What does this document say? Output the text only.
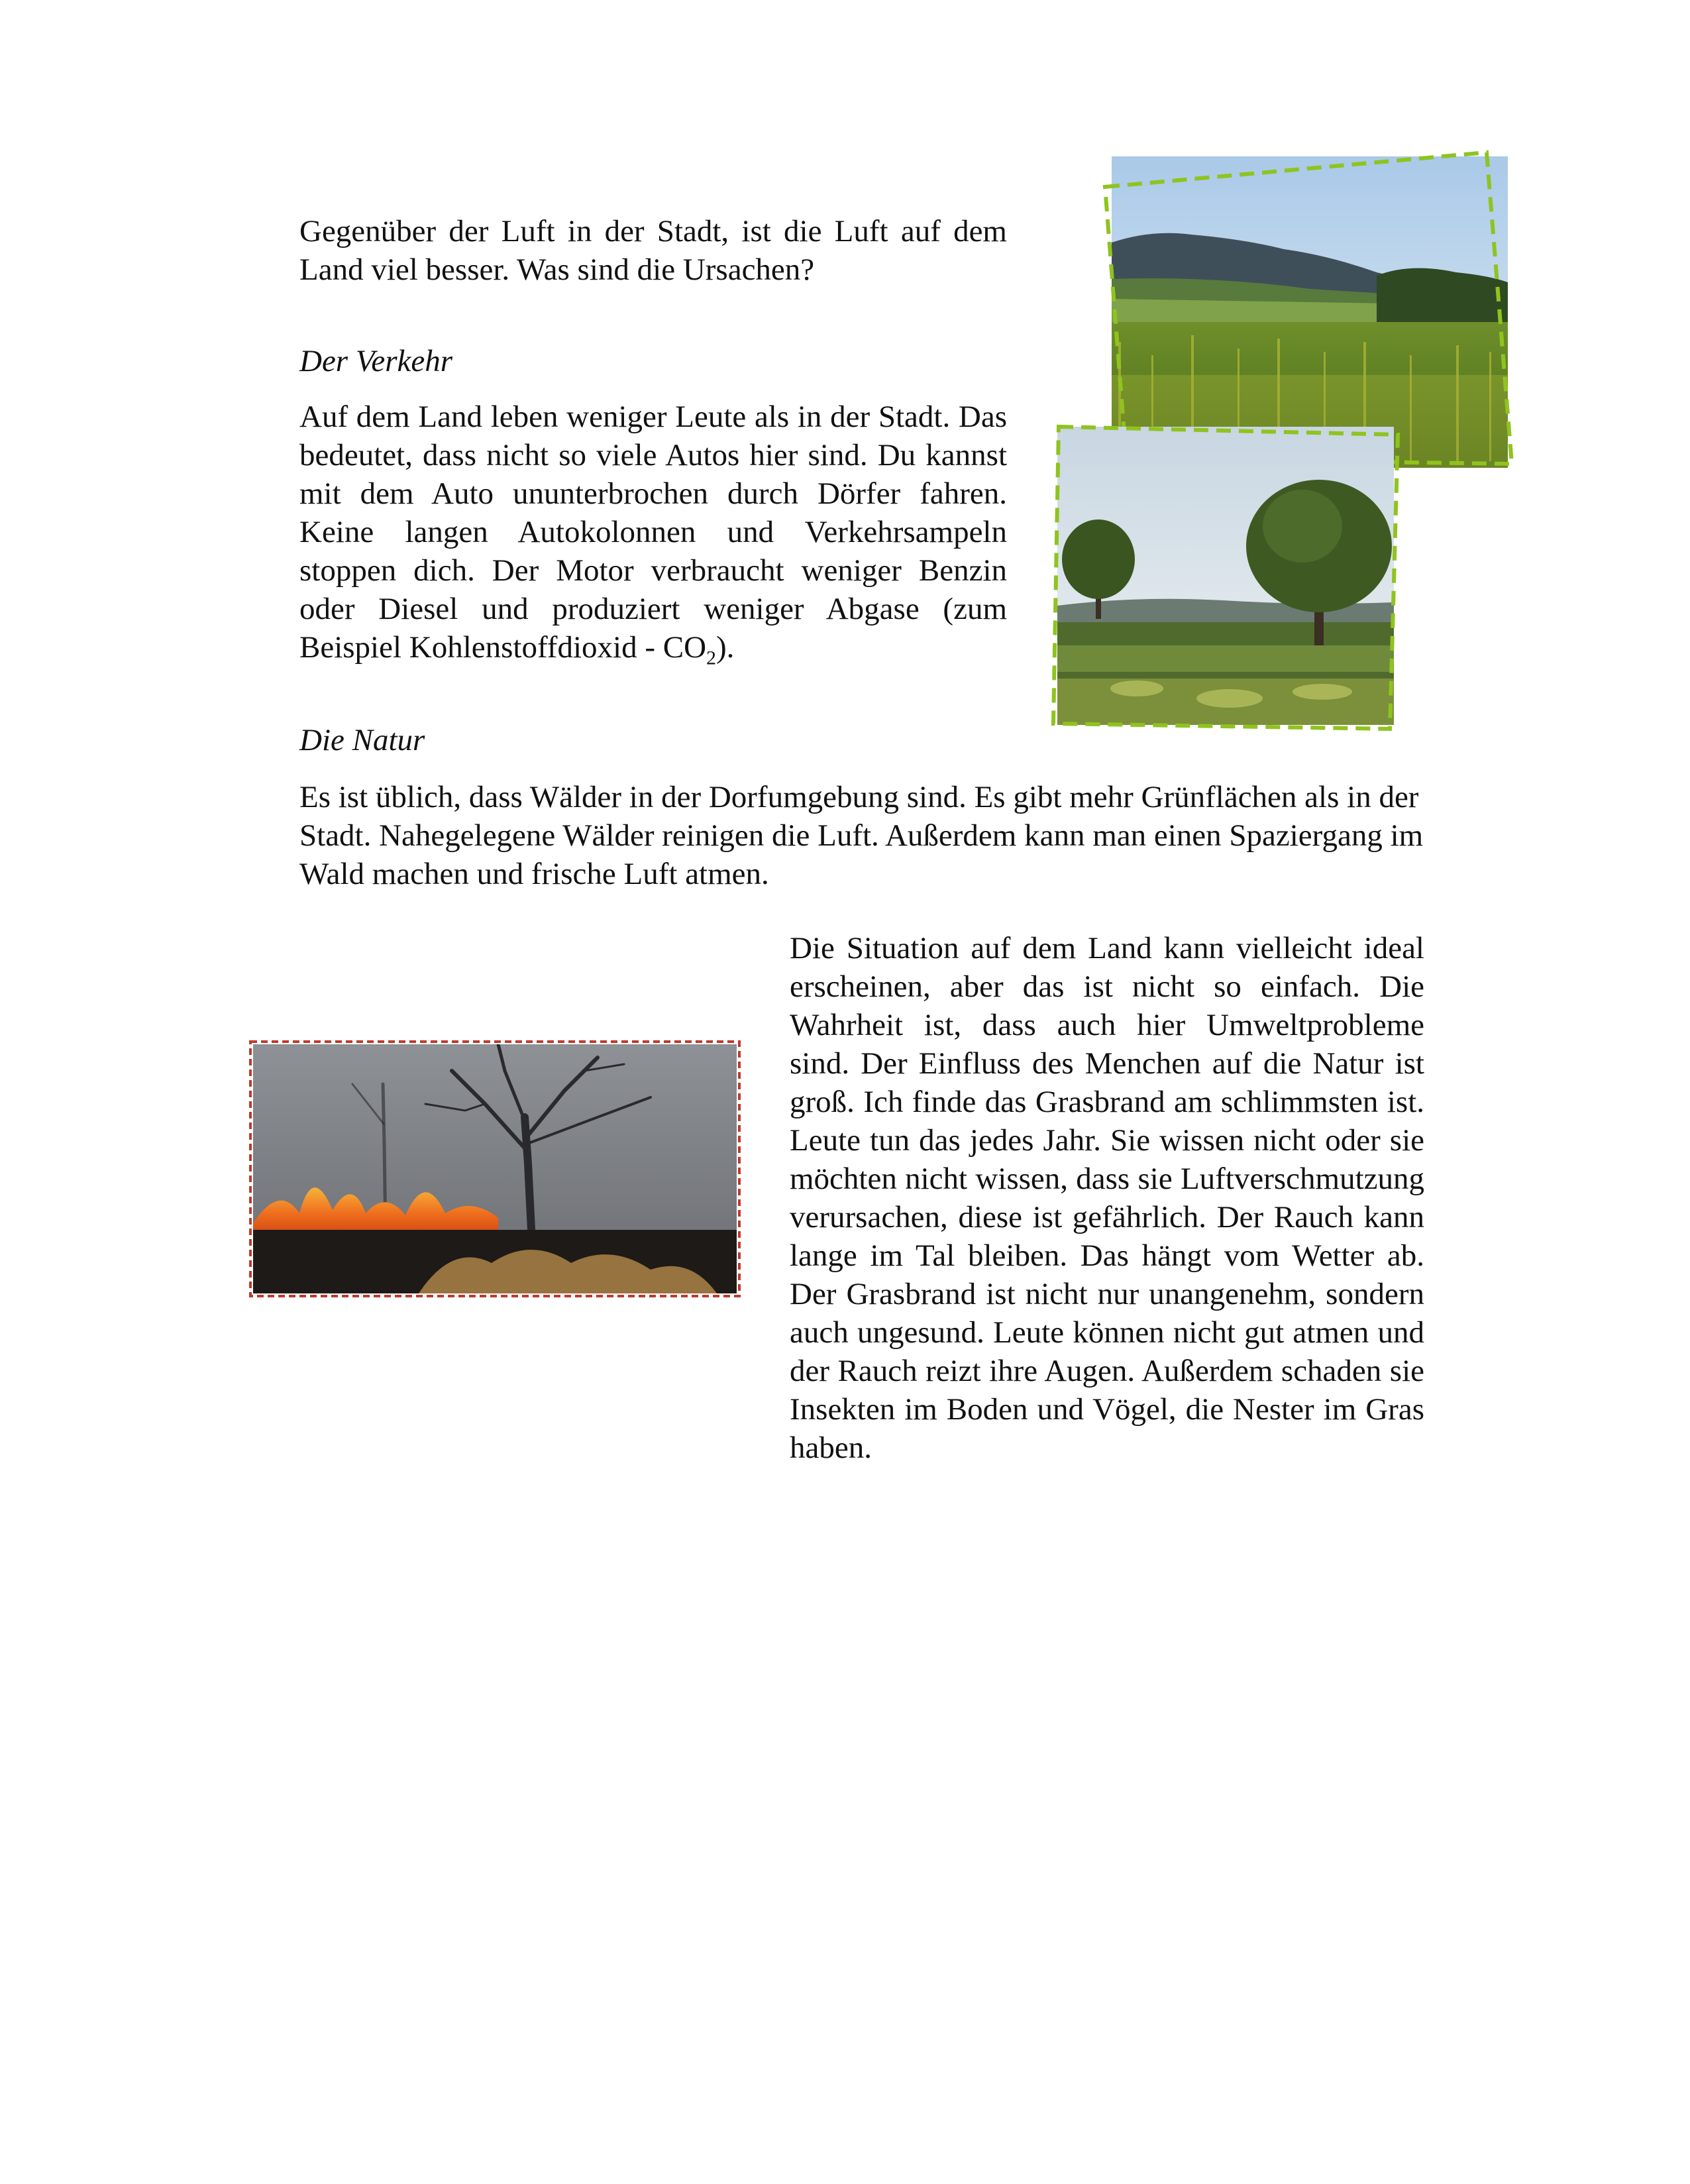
Gegenüber der Luft in der Stadt, ist die Luft auf dem Land viel besser. Was sind die Ursachen?

Der Verkehr

Auf dem Land leben weniger Leute als in der Stadt. Das bedeutet, dass nicht so viele Autos hier sind. Du kannst mit dem Auto ununterbrochen durch Dörfer fahren. Keine langen Autokolonnen und Verkehrsampeln stoppen dich. Der Motor verbraucht weniger Benzin oder Diesel und produziert weniger Abgase (zum Beispiel Kohlenstoffdioxid - $CO_2$).

Die Natur

Es ist üblich, dass Wälder in der Dorfumgebung sind. Es gibt mehr Grünflächen als in der Stadt. Nahegelegene Wälder reinigen die Luft. Außerdem kann man einen Spaziergang im Wald machen und frische Luft atmen.

Die Situation auf dem Land kann vielleicht ideal erscheinen, aber das ist nicht so einfach. Die Wahrheit ist, dass auch hier Umweltprobleme sind. Der Einfluss des Menchen auf die Natur ist groß. Ich finde das Grasbrand am schlimmsten ist. Leute tun das jedes Jahr. Sie wissen nicht oder sie möchten nicht wissen, dass sie Luftverschmutzung verursachen, diese ist gefährlich. Der Rauch kann lange im Tal bleiben. Das hängt vom Wetter ab. Der Grasbrand ist nicht nur unangenehm, sondern auch ungesund. Leute können nicht gut atmen und der Rauch reizt ihre Augen. Außerdem schaden sie Insekten im Boden und Vögel, die Nester im Gras haben.
